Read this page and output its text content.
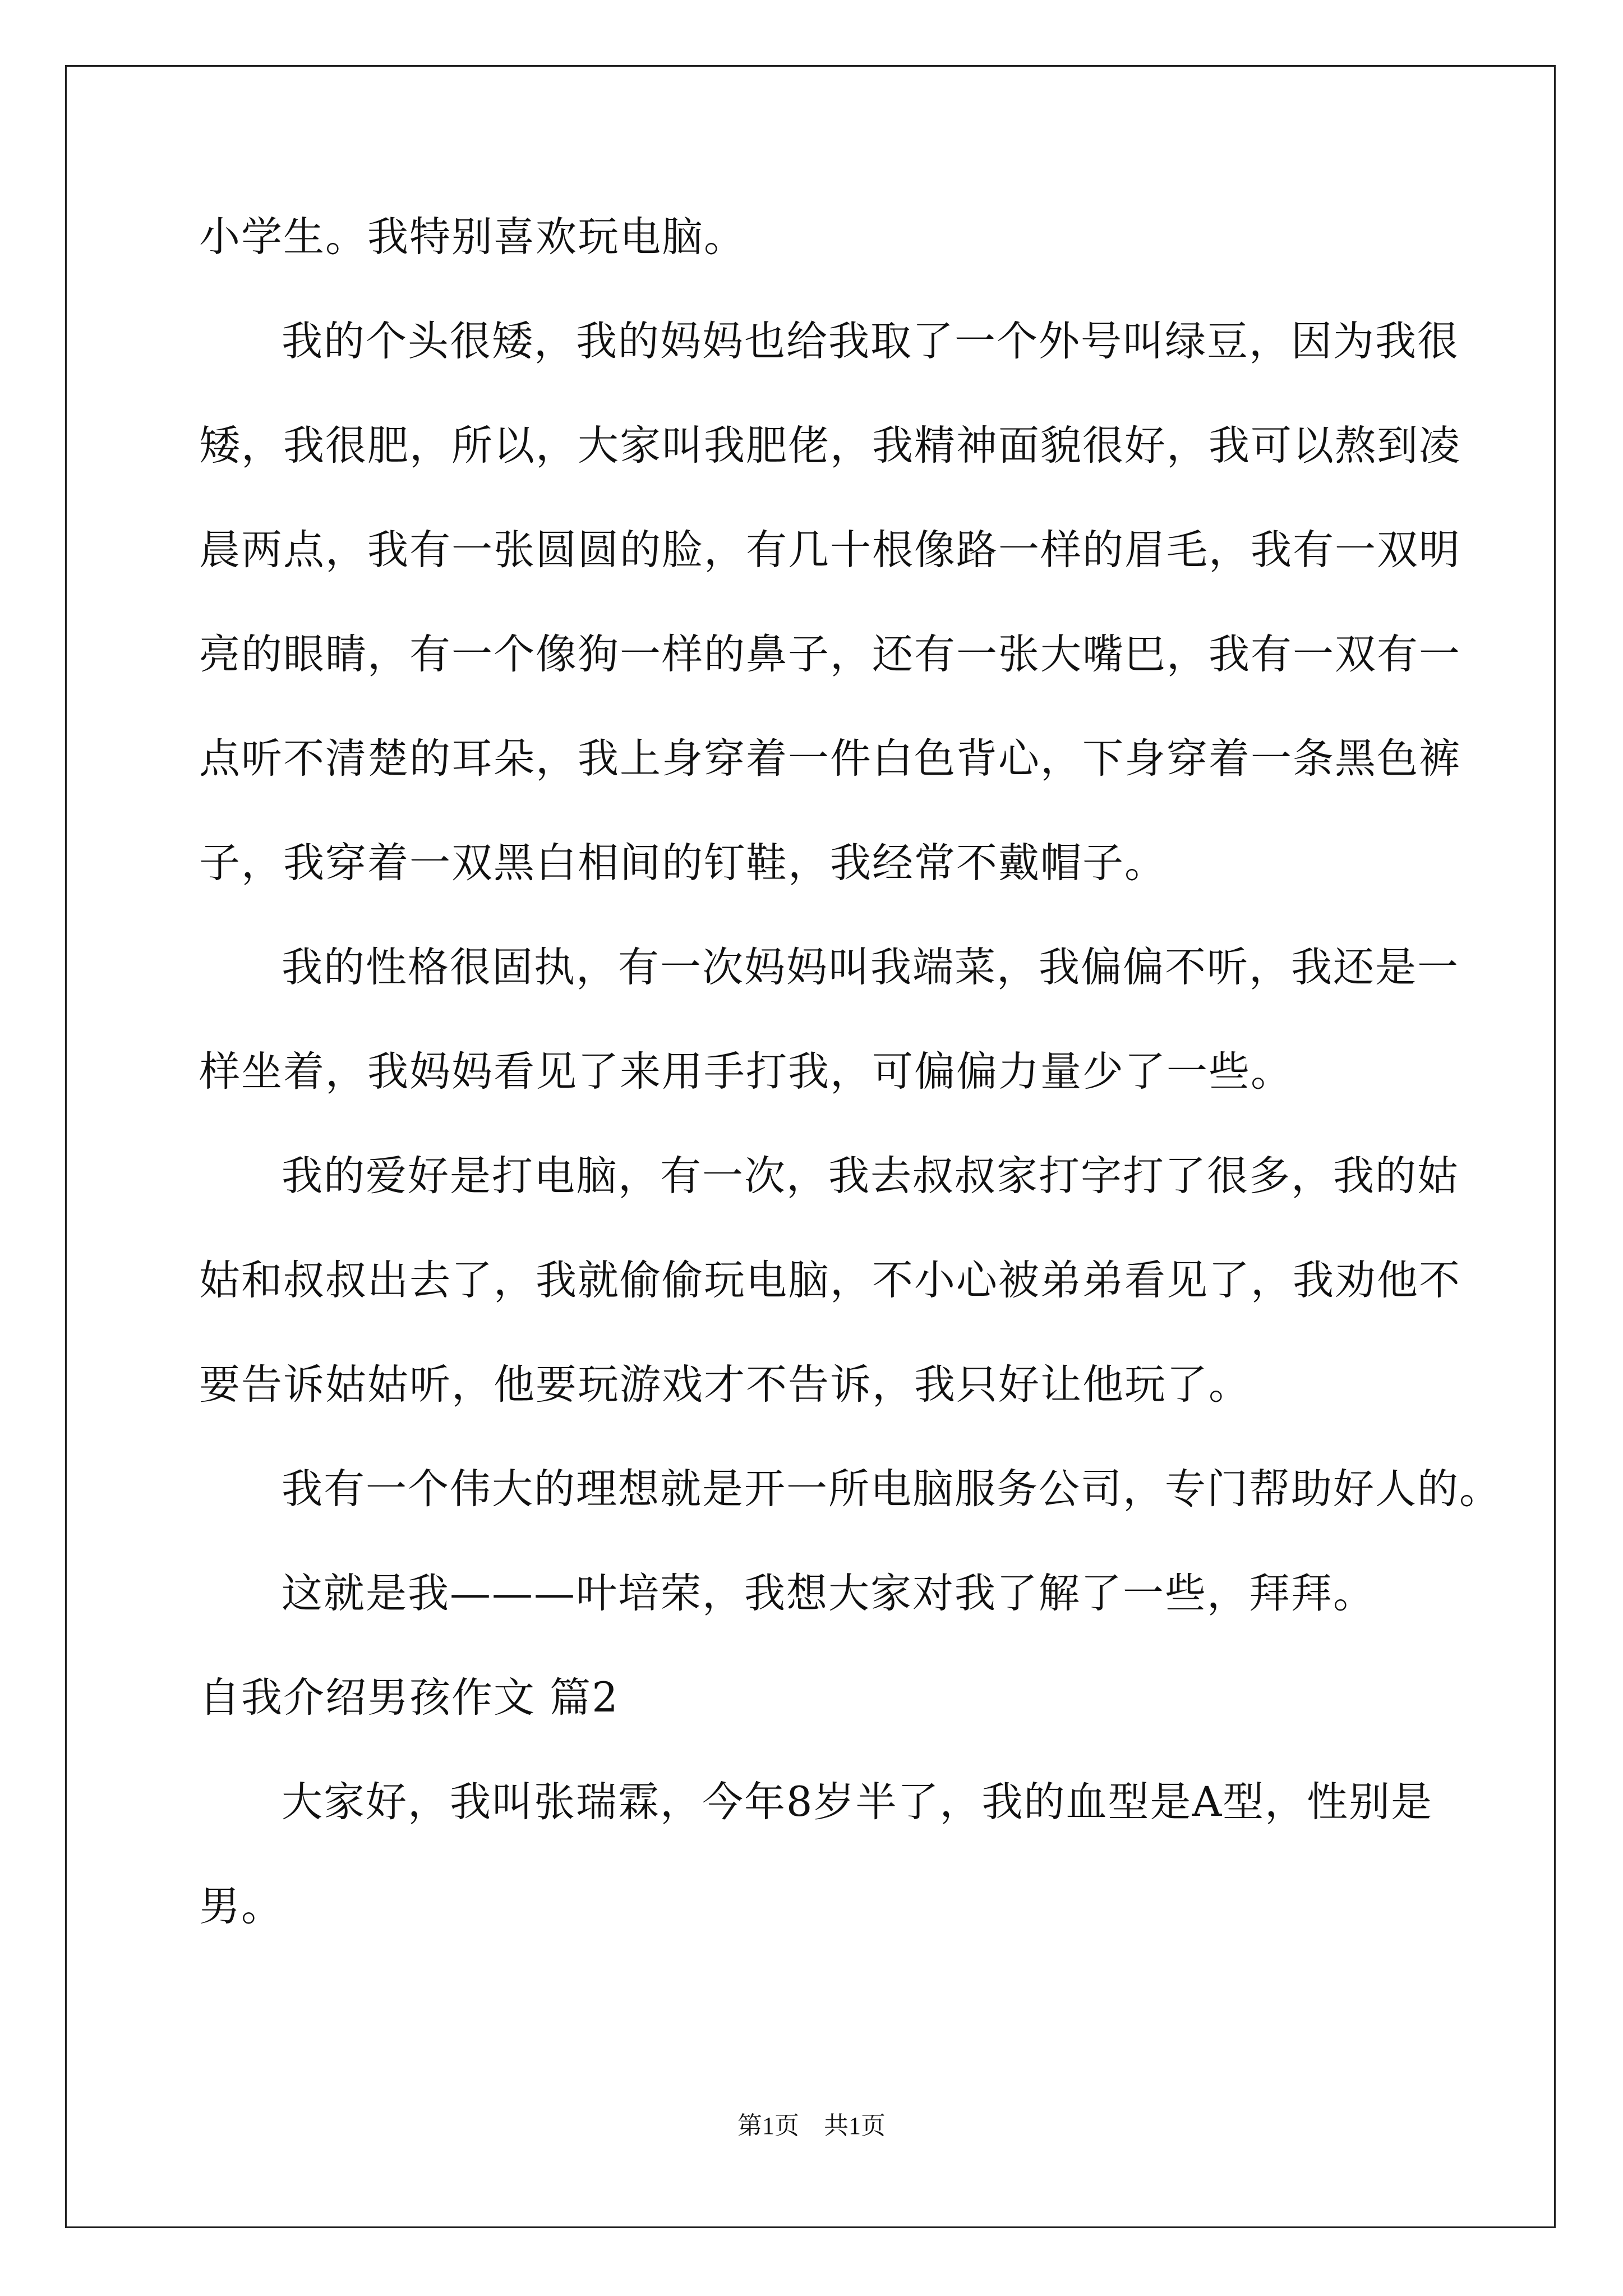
小学生。我特别喜欢玩电脑。
我的个头很矮，我的妈妈也给我取了一个外号叫绿豆，因为我很
矮，我很肥，所以，大家叫我肥佬，我精神面貌很好，我可以熬到凌
晨两点，我有一张圆圆的脸，有几十根像路一样的眉毛，我有一双明
亮的眼睛，有一个像狗一样的鼻子，还有一张大嘴巴，我有一双有一
点听不清楚的耳朵，我上身穿着一件白色背心，下身穿着一条黑色裤
子，我穿着一双黑白相间的钉鞋，我经常不戴帽子。
我的性格很固执，有一次妈妈叫我端菜，我偏偏不听，我还是一
样坐着，我妈妈看见了来用手打我，可偏偏力量少了一些。
我的爱好是打电脑，有一次，我去叔叔家打字打了很多，我的姑
姑和叔叔出去了，我就偷偷玩电脑，不小心被弟弟看见了，我劝他不
要告诉姑姑听，他要玩游戏才不告诉，我只好让他玩了。
我有一个伟大的理想就是开一所电脑服务公司，专门帮助好人的。
这就是我———叶培荣，我想大家对我了解了一些，拜拜。
自我介绍男孩作文 篇2
大家好，我叫张瑞霖，今年8岁半了，我的血型是A型，性别是
男。
第1页　共1页
